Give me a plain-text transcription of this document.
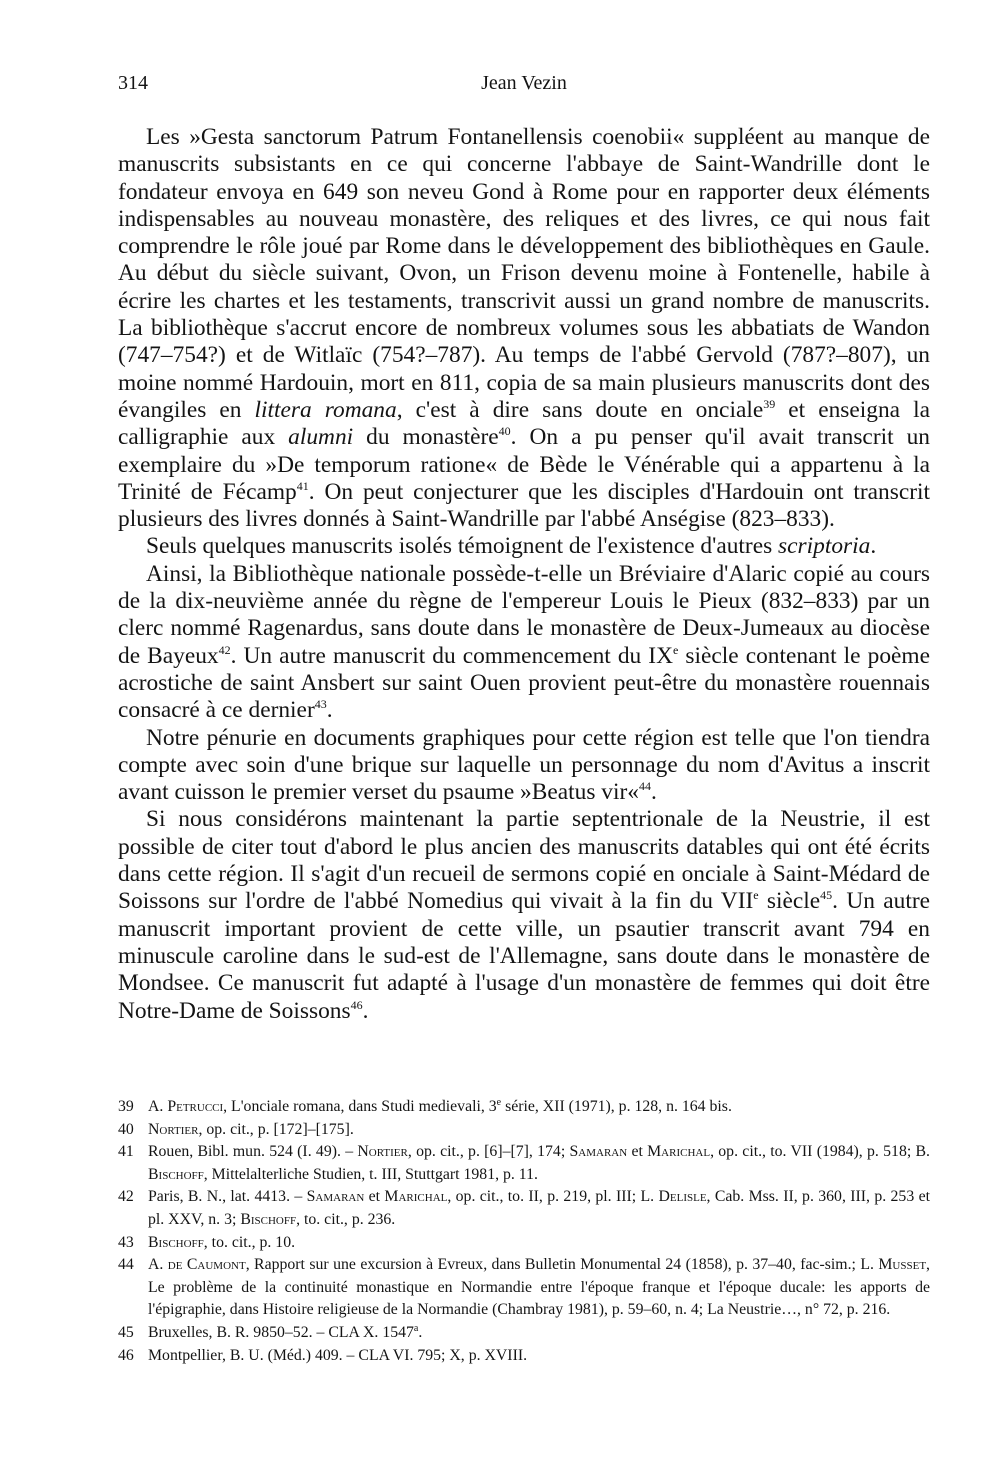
314	Jean Vezin

Les »Gesta sanctorum Patrum Fontanellensis coenobii« suppléent au manque de manuscrits subsistants en ce qui concerne l'abbaye de Saint-Wandrille dont le fondateur envoya en 649 son neveu Gond à Rome pour en rapporter deux éléments indispensables au nouveau monastère, des reliques et des livres, ce qui nous fait comprendre le rôle joué par Rome dans le développement des bibliothèques en Gaule. Au début du siècle suivant, Ovon, un Frison devenu moine à Fontenelle, habile à écrire les chartes et les testaments, transcrivit aussi un grand nombre de manuscrits. La bibliothèque s'accrut encore de nombreux volumes sous les abbatiats de Wandon (747–754?) et de Witlaïc (754?–787). Au temps de l'abbé Gervold (787?–807), un moine nommé Hardouin, mort en 811, copia de sa main plusieurs manuscrits dont des évangiles en littera romana, c'est à dire sans doute en onciale$^{39}$ et enseigna la calligraphie aux alumni du monastère$^{40}$. On a pu penser qu'il avait transcrit un exemplaire du »De temporum ratione« de Bède le Vénérable qui a appartenu à la Trinité de Fécamp$^{41}$. On peut conjecturer que les disciples d'Hardouin ont transcrit plusieurs des livres donnés à Saint-Wandrille par l'abbé Anségise (823–833).

Seuls quelques manuscrits isolés témoignent de l'existence d'autres scriptoria.

Ainsi, la Bibliothèque nationale possède-t-elle un Bréviaire d'Alaric copié au cours de la dix-neuvième année du règne de l'empereur Louis le Pieux (832–833) par un clerc nommé Ragenardus, sans doute dans le monastère de Deux-Jumeaux au diocèse de Bayeux$^{42}$. Un autre manuscrit du commencement du IXe siècle contenant le poème acrostiche de saint Ansbert sur saint Ouen provient peut-être du monastère rouennais consacré à ce dernier$^{43}$.

Notre pénurie en documents graphiques pour cette région est telle que l'on tiendra compte avec soin d'une brique sur laquelle un personnage du nom d'Avitus a inscrit avant cuisson le premier verset du psaume »Beatus vir«$^{44}$.

Si nous considérons maintenant la partie septentrionale de la Neustrie, il est possible de citer tout d'abord le plus ancien des manuscrits datables qui ont été écrits dans cette région. Il s'agit d'un recueil de sermons copié en onciale à Saint-Médard de Soissons sur l'ordre de l'abbé Nomedius qui vivait à la fin du VIIe siècle$^{45}$. Un autre manuscrit important provient de cette ville, un psautier transcrit avant 794 en minuscule caroline dans le sud-est de l'Allemagne, sans doute dans le monastère de Mondsee. Ce manuscrit fut adapté à l'usage d'un monastère de femmes qui doit être Notre-Dame de Soissons$^{46}$.

39 A. Petrucci, L'onciale romana, dans Studi medievali, 3e série, XII (1971), p. 128, n. 164 bis.
40 Nortier, op. cit., p. [172]–[175].
41 Rouen, Bibl. mun. 524 (I. 49). – Nortier, op. cit., p. [6]–[7], 174; Samaran et Marichal, op. cit., to. VII (1984), p. 518; B. Bischoff, Mittelalterliche Studien, t. III, Stuttgart 1981, p. 11.
42 Paris, B. N., lat. 4413. – Samaran et Marichal, op. cit., to. II, p. 219, pl. III; L. Delisle, Cab. Mss. II, p. 360, III, p. 253 et pl. XXV, n. 3; Bischoff, to. cit., p. 236.
43 Bischoff, to. cit., p. 10.
44 A. de Caumont, Rapport sur une excursion à Evreux, dans Bulletin Monumental 24 (1858), p. 37–40, fac-sim.; L. Musset, Le problème de la continuité monastique en Normandie entre l'époque franque et l'époque ducale: les apports de l'épigraphie, dans Histoire religieuse de la Normandie (Chambray 1981), p. 59–60, n. 4; La Neustrie…, n° 72, p. 216.
45 Bruxelles, B. R. 9850–52. – CLA X. 1547$^a$.
46 Montpellier, B. U. (Méd.) 409. – CLA VI. 795; X, p. XVIII.
